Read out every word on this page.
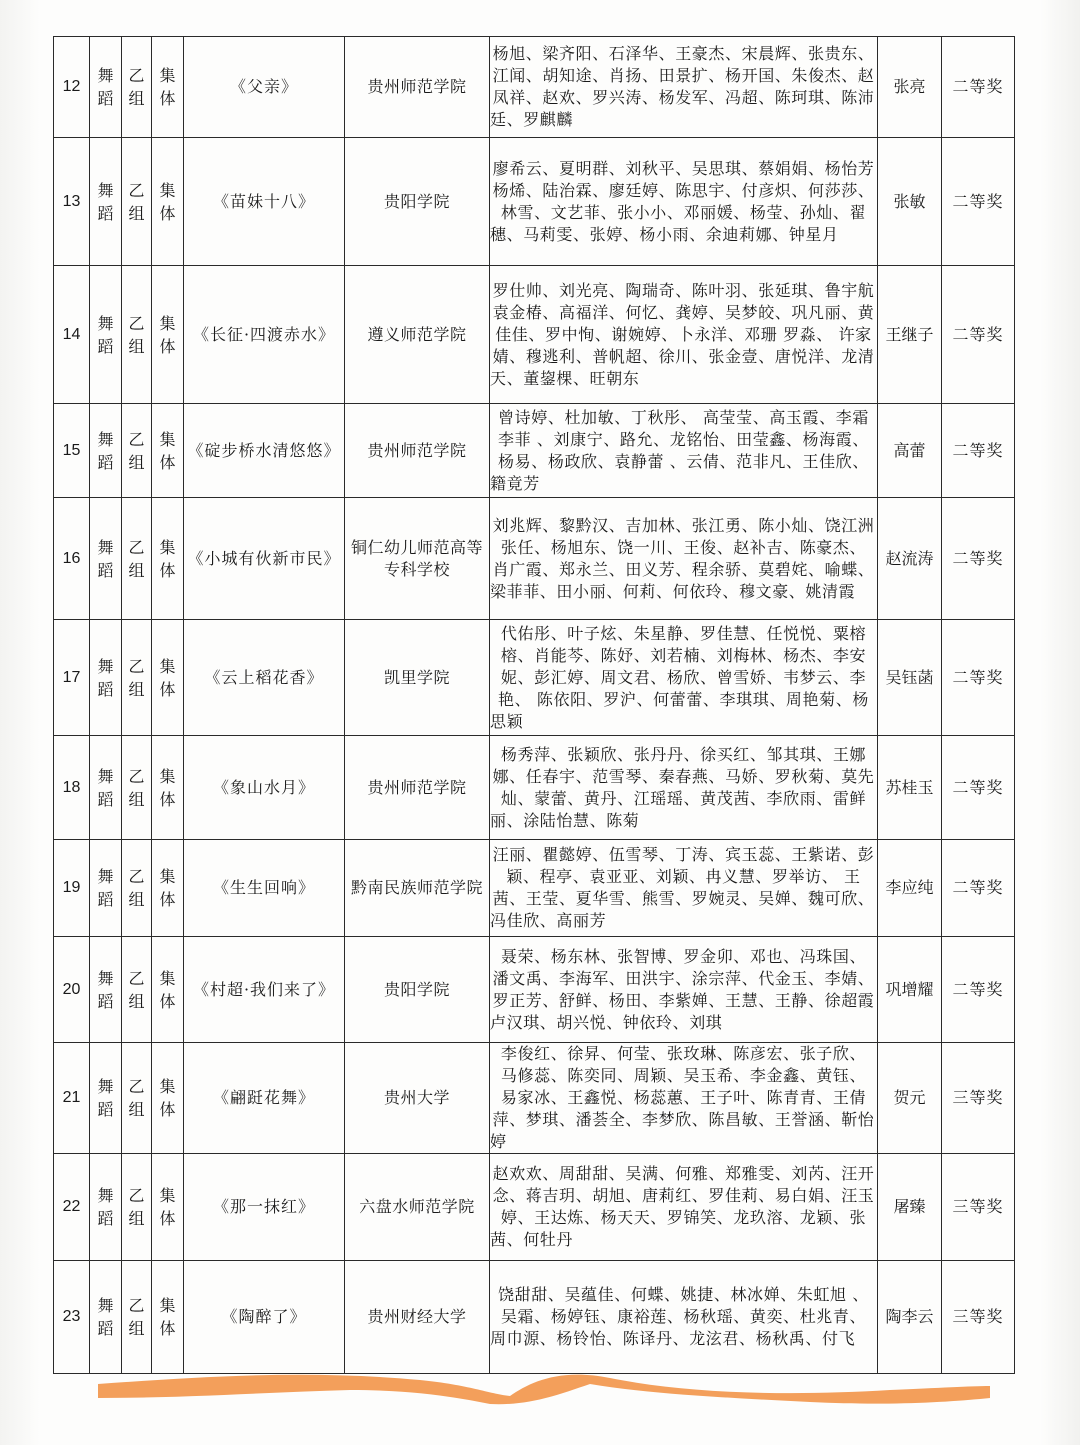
12	舞蹈	乙组	集体	《父亲》	贵州师范学院	杨旭、梁齐阳、石泽华、王豪杰、宋晨辉、张贵东、江闻、胡知途、肖扬、田景扩、杨开国、朱俊杰、赵凤祥、赵欢、罗兴涛、杨发军、冯超、陈珂琪、陈沛廷、罗麒麟	张亮	二等奖
13	舞蹈	乙组	集体	《苗妹十八》	贵阳学院	廖希云、夏明群、刘秋平、吴思琪、蔡娟娟、杨怡芳杨烯、陆治霖、廖廷婷、陈思宇、付彦炽、何莎莎、林雪、文艺菲、张小小、邓丽媛、杨莹、孙灿、翟穗、马莉雯、张婷、杨小雨、余迪莉娜、钟星月	张敏	二等奖
14	舞蹈	乙组	集体	《长征·四渡赤水》	遵义师范学院	罗仕帅、刘光亮、陶瑞奇、陈叶羽、张延琪、鲁宇航袁金椿、高福洋、何忆、龚婷、吴梦皎、巩凡丽、黄佳佳、罗中恂、谢婉婷、卜永洋、邓珊 罗淼、 许家婧、穆逃利、普帆超、徐川、张金壹、唐悦洋、龙清天、董鋆棵、旺朝东	王继子	二等奖
15	舞蹈	乙组	集体	《碇步桥水清悠悠》	贵州师范学院	曾诗婷、杜加敏、丁秋彤、 高莹莹、高玉霞、李霜李菲 、刘康宁、路允、龙铭怡、田莹鑫、杨海霞、杨易、杨政欣、袁静蕾 、云倩、范非凡、王佳欣、 籍竟芳	高蕾	二等奖
16	舞蹈	乙组	集体	《小城有伙新市民》	铜仁幼儿师范高等专科学校	刘兆辉、黎黔汉、吉加林、张江勇、陈小灿、饶江洲张任、杨旭东、饶一川、王俊、赵补吉、陈豪杰、 肖广霞、郑永兰、田义芳、程余骄、莫碧姹、喻蝶、梁菲菲、田小丽、何莉、何依玲、穆文豪、姚清霞	赵流涛	二等奖
17	舞蹈	乙组	集体	《云上稻花香》	凯里学院	代佑彤、叶子炫、朱星静、罗佳慧、任悦悦、粟榕榕、肖能芩、陈妤、刘若楠、刘梅林、杨杰、李安妮、彭汇婷、周文君、杨欣、曾雪娇、韦梦云、李艳、 陈依阳、罗沪、何蕾蕾、李琪琪、周艳菊、杨思颖	吴钰菡	二等奖
18	舞蹈	乙组	集体	《象山水月》	贵州师范学院	杨秀萍、张颖欣、张丹丹、徐买红、邹其琪、王娜娜、任春宇、范雪琴、秦春燕、马娇、罗秋菊、莫先灿、蒙蕾、黄丹、江瑶瑶、黄茂茜、李欣雨、雷鲜丽、涂陆怡慧、陈菊	苏桂玉	二等奖
19	舞蹈	乙组	集体	《生生回响》	黔南民族师范学院	汪丽、瞿懿婷、伍雪琴、丁涛、宾玉蕊、王紫诺、彭颖、程亭、袁亚亚、刘颖、冉义慧、罗举访、 王茜、王莹、夏华雪、熊雪、罗婉灵、吴婵、魏可欣、冯佳欣、高丽芳	李应纯	二等奖
20	舞蹈	乙组	集体	《村超·我们来了》	贵阳学院	聂荣、杨东林、张智博、罗金卯、邓也、冯珠国、 潘文禹、李海军、田洪宇、涂宗萍、代金玉、李婧、罗正芳、舒鲜、杨田、李紫婵、王慧、王静、徐超霞卢汉琪、胡兴悦、钟依玲、刘琪	巩增耀	二等奖
21	舞蹈	乙组	集体	《翩跹花舞》	贵州大学	李俊红、徐昇、何莹、张玫琳、陈彦宏、张子欣、 马修蕊、陈奕同、周颖、吴玉希、李金鑫、黄钰、 易家冰、王鑫悦、杨蕊蕙、王子叶、陈青青、王倩萍、梦琪、潘荟全、李梦欣、陈昌敏、王誉涵、靳怡婷	贺元	三等奖
22	舞蹈	乙组	集体	《那一抹红》	六盘水师范学院	赵欢欢、周甜甜、吴满、何雅、郑雅雯、刘芮、汪开念、蒋吉玥、胡旭、唐莉红、罗佳莉、易白娟、汪玉婷、王达炼、杨天天、罗锦笑、龙玖溶、龙颖、张茜、何牡丹	屠臻	三等奖
23	舞蹈	乙组	集体	《陶醉了》	贵州财经大学	饶甜甜、吴蕴佳、何蝶、姚捷、林冰婵、朱虹旭 、吴霜、杨婷钰、康裕莲、杨秋瑶、黄奕、杜兆青、 周巾源、杨铃怡、陈译丹、龙泫君、杨秋禹、付飞	陶李云	三等奖
